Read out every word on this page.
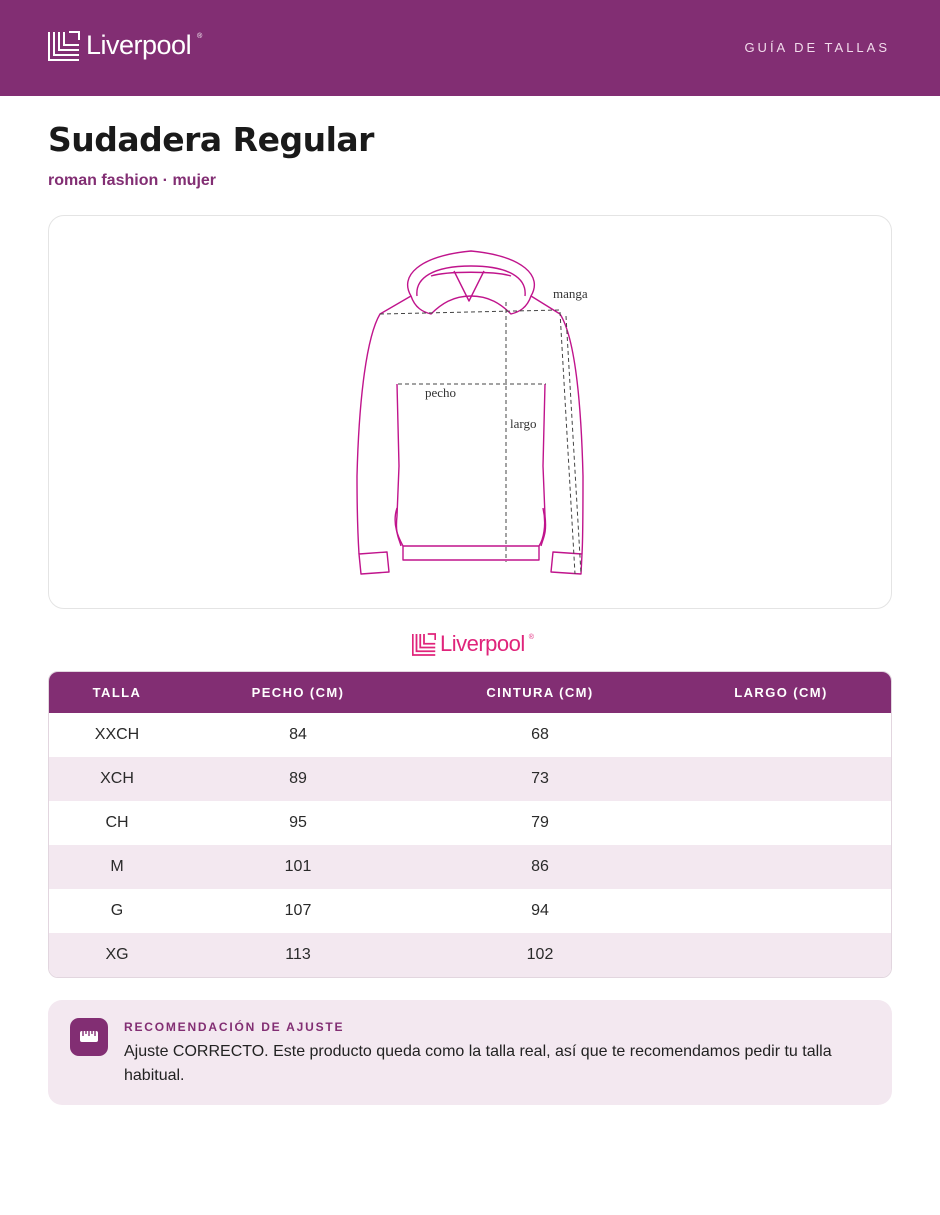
Liverpool ®
GUÍA DE TALLAS
Sudadera Regular
roman fashion · mujer
manga
pecho
largo
Liverpool ®
TALLA	PECHO (CM)	CINTURA (CM)	LARGO (CM)
XXCH	84	68	
XCH	89	73	
CH	95	79	
M	101	86	
G	107	94	
XG	113	102	
RECOMENDACIÓN DE AJUSTE
Ajuste CORRECTO. Este producto queda como la talla real, así que te recomendamos pedir tu talla habitual.
